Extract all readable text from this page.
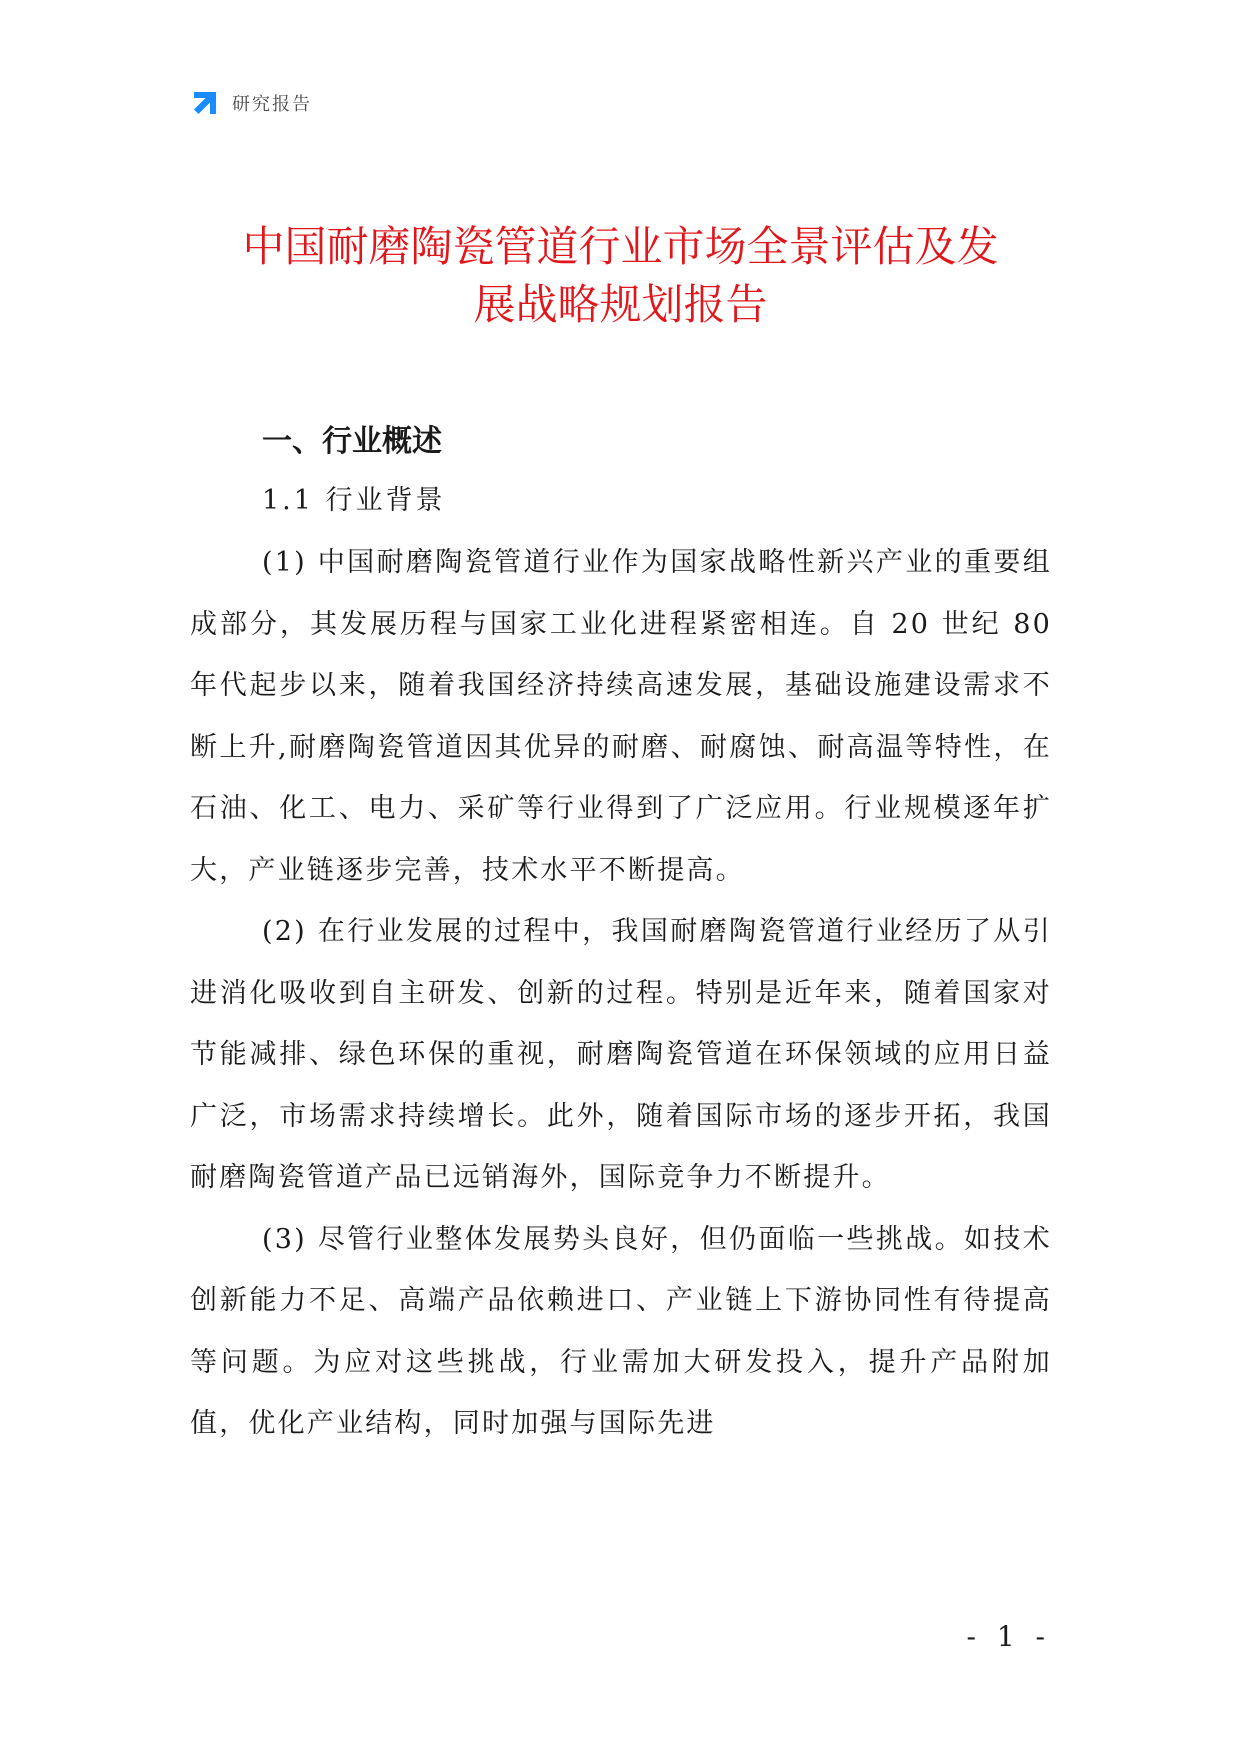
研究报告
中国耐磨陶瓷管道行业市场全景评估及发
展战略规划报告
一、行业概述
1.1 行业背景

(1) 中国耐磨陶瓷管道行业作为国家战略性新兴产业的重要组成部分，其发展历程与国家工业化进程紧密相连。自 20 世纪 80 年代起步以来，随着我国经济持续高速发展，基础设施建设需求不断上升,耐磨陶瓷管道因其优异的耐磨、耐腐蚀、耐高温等特性，在石油、化工、电力、采矿等行业得到了广泛应用。行业规模逐年扩大，产业链逐步完善，技术水平不断提高。

(2) 在行业发展的过程中，我国耐磨陶瓷管道行业经历了从引进消化吸收到自主研发、创新的过程。特别是近年来，随着国家对节能减排、绿色环保的重视，耐磨陶瓷管道在环保领域的应用日益广泛，市场需求持续增长。此外，随着国际市场的逐步开拓，我国耐磨陶瓷管道产品已远销海外，国际竞争力不断提升。

(3) 尽管行业整体发展势头良好，但仍面临一些挑战。如技术创新能力不足、高端产品依赖进口、产业链上下游协同性有待提高等问题。为应对这些挑战，行业需加大研发投入，提升产品附加值，优化产业结构，同时加强与国际先进

- 1 -
